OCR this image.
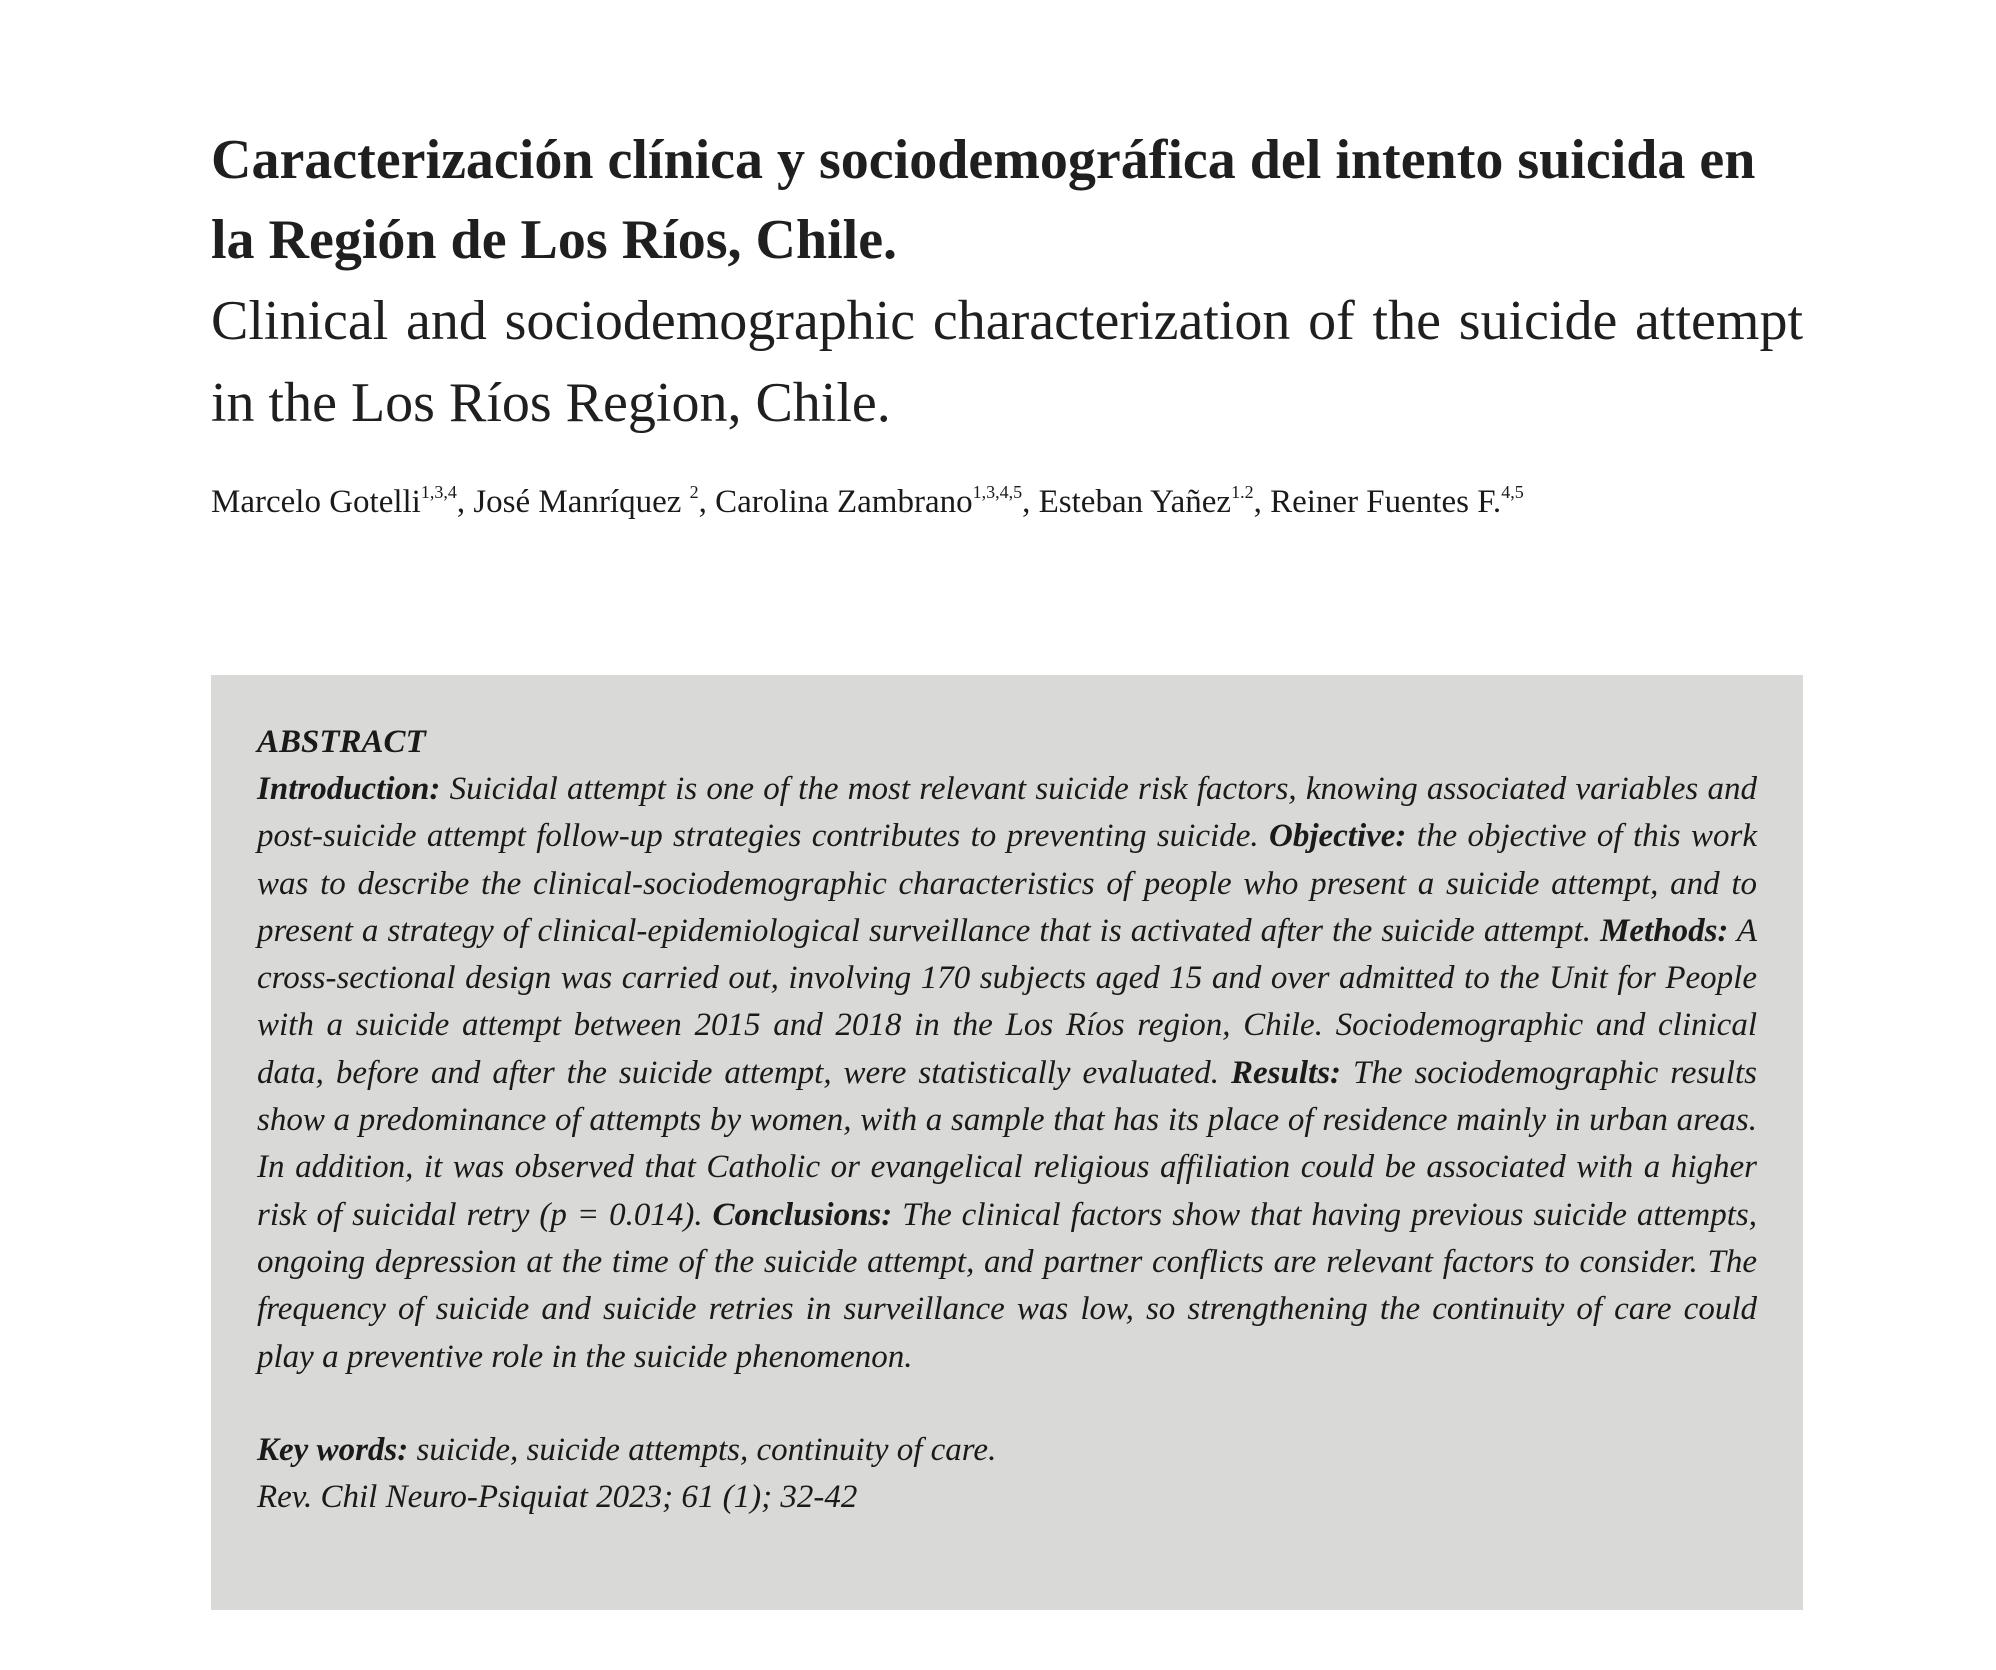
Caracterización clínica y sociodemográfica del intento suicida en la Región de Los Ríos, Chile.
Clinical and sociodemographic characterization of the suicide attempt in the Los Ríos Region, Chile.

Marcelo Gotelli$^{1,3,4}$, José Manríquez $^2$, Carolina Zambrano$^{1,3,4,5}$, Esteban Yañez$^{1.2}$, Reiner Fuentes F.$^{4,5}$

ABSTRACT

Introduction: Suicidal attempt is one of the most relevant suicide risk factors, knowing associated variables and post-suicide attempt follow-up strategies contributes to preventing suicide. Objective: the objective of this work was to describe the clinical-sociodemographic characteristics of people who present a suicide attempt, and to present a strategy of clinical-epidemiological surveillance that is activated after the suicide attempt. Methods: A cross-sectional design was carried out, involving 170 subjects aged 15 and over admitted to the Unit for People with a suicide attempt between 2015 and 2018 in the Los Ríos region, Chile. Sociodemographic and clinical data, before and after the suicide attempt, were statistically evaluated. Results: The sociodemographic results show a predominance of attempts by women, with a sample that has its place of residence mainly in urban areas. In addition, it was observed that Catholic or evangelical religious affiliation could be associated with a higher risk of suicidal retry (p = 0.014). Conclusions: The clinical factors show that having previous suicide attempts, ongoing depression at the time of the suicide attempt, and partner conflicts are relevant factors to consider. The frequency of suicide and suicide retries in surveillance was low, so strengthening the continuity of care could play a preventive role in the suicide phenomenon.

Key words: suicide, suicide attempts, continuity of care.

Rev. Chil Neuro-Psiquiat 2023; 61 (1); 32-42
